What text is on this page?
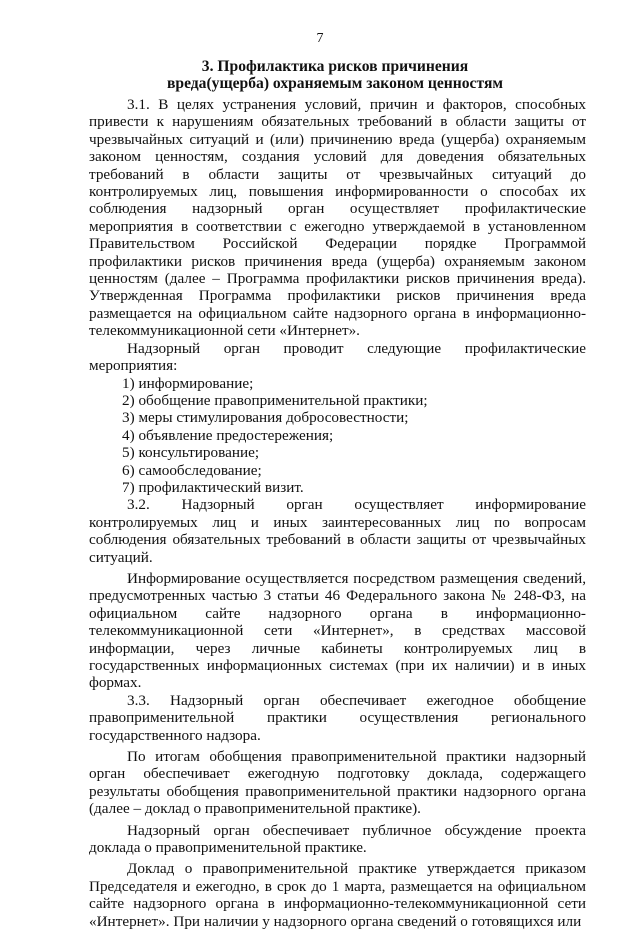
7
3. Профилактика рисков причинения вреда(ущерба) охраняемым законом ценностям

3.1. В целях устранения условий, причин и факторов, способных привести к нарушениям обязательных требований в области защиты от чрезвычайных ситуаций и (или) причинению вреда (ущерба) охраняемым законом ценностям, создания условий для доведения обязательных требований в области защиты от чрезвычайных ситуаций до контролируемых лиц, повышения информированности о способах их соблюдения надзорный орган осуществляет профилактические мероприятия в соответствии с ежегодно утверждаемой в установленном Правительством Российской Федерации порядке Программой профилактики рисков причинения вреда (ущерба) охраняемым законом ценностям (далее – Программа профилактики рисков причинения вреда). Утвержденная Программа профилактики рисков причинения вреда размещается на официальном сайте надзорного органа в информационно-телекоммуникационной сети «Интернет».

Надзорный орган проводит следующие профилактические мероприятия:

1) информирование;

2) обобщение правоприменительной практики;

3) меры стимулирования добросовестности;

4) объявление предостережения;

5) консультирование;

6) самообследование;

7) профилактический визит.

3.2. Надзорный орган осуществляет информирование контролируемых лиц и иных заинтересованных лиц по вопросам соблюдения обязательных требований в области защиты от чрезвычайных ситуаций.

Информирование осуществляется посредством размещения сведений, предусмотренных частью 3 статьи 46 Федерального закона № 248-ФЗ, на официальном сайте надзорного органа в информационно-телекоммуникационной сети «Интернет», в средствах массовой информации, через личные кабинеты контролируемых лиц в государственных информационных системах (при их наличии) и в иных формах.

3.3. Надзорный орган обеспечивает ежегодное обобщение правоприменительной практики осуществления регионального государственного надзора.

По итогам обобщения правоприменительной практики надзорный орган обеспечивает ежегодную подготовку доклада, содержащего результаты обобщения правоприменительной практики надзорного органа (далее – доклад о правоприменительной практике).

Надзорный орган обеспечивает публичное обсуждение проекта доклада о правоприменительной практике.

Доклад о правоприменительной практике утверждается приказом Председателя и ежегодно, в срок до 1 марта, размещается на официальном сайте надзорного органа в информационно-телекоммуникационной сети «Интернет». При наличии у надзорного органа сведений о готовящихся или
